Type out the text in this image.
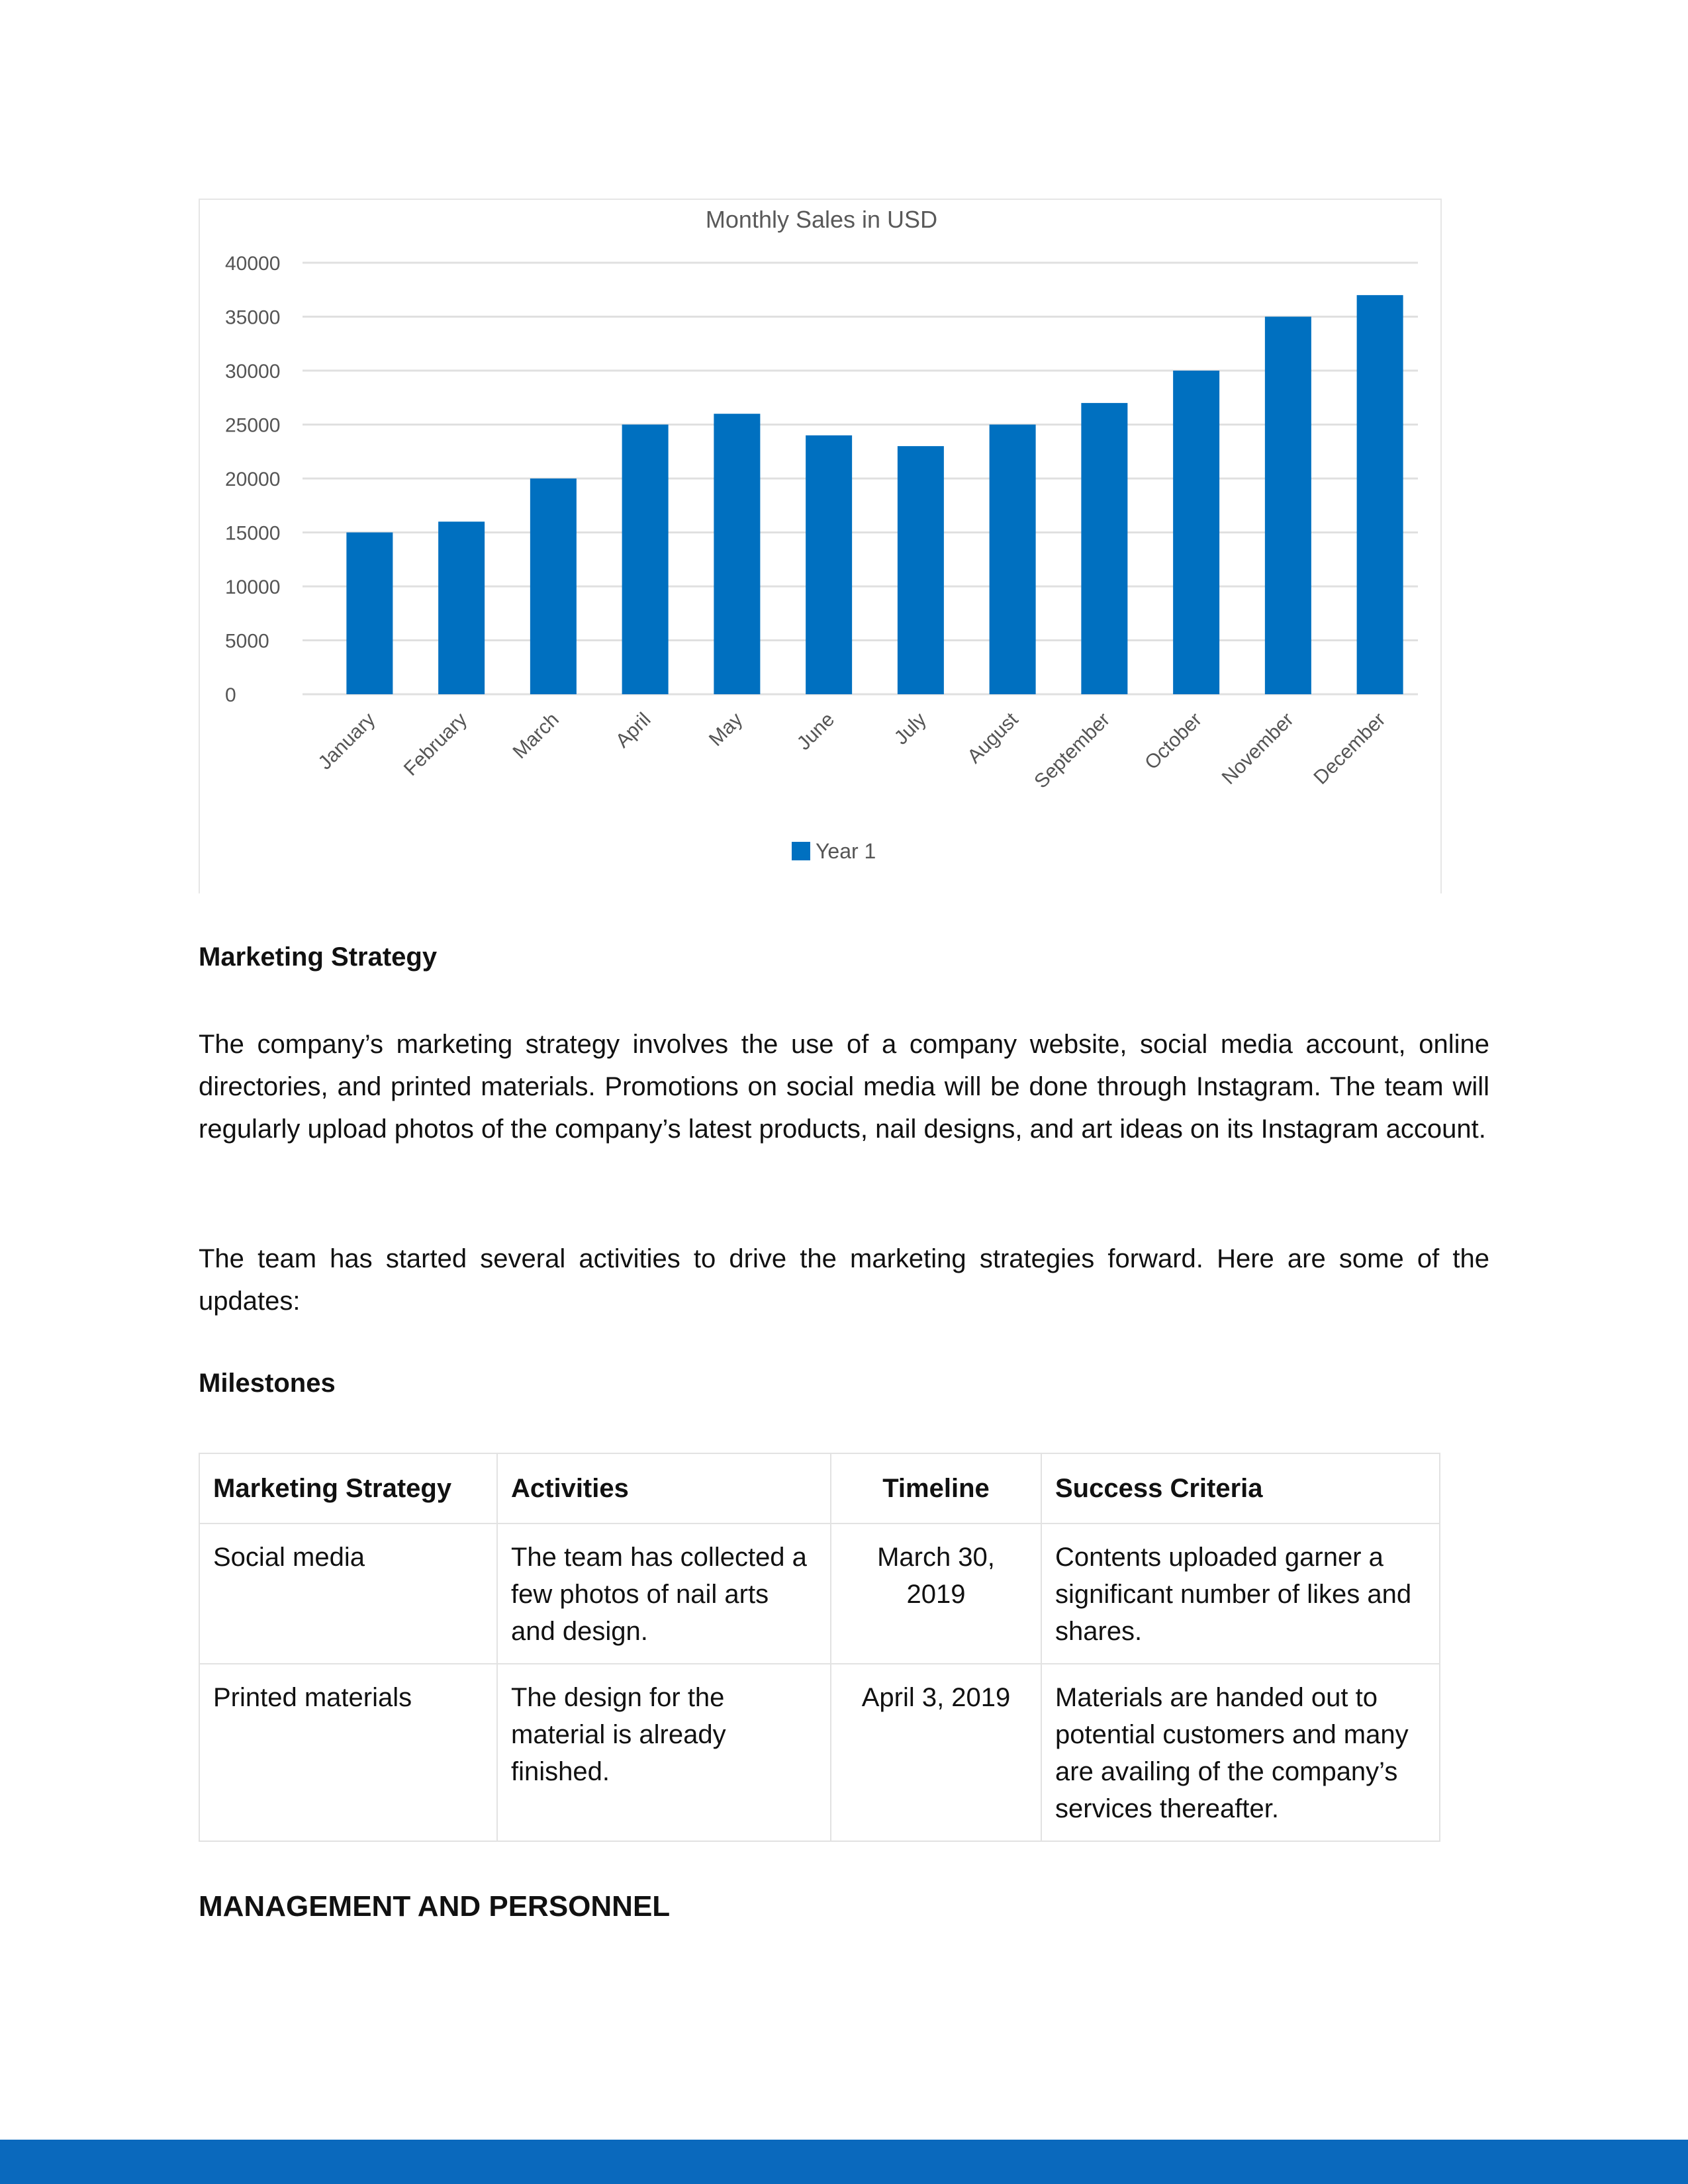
Monthly Sales in USD
0
5000
10000
15000
20000
25000
30000
35000
40000
January February March April	May June	July August September October November December
Year 1
Marketing Strategy

The company’s marketing strategy involves the use of a company website, social media account, online directories, and printed materials. Promotions on social media will be done through Instagram. The team will regularly upload photos of the company’s latest products, nail designs, and art ideas on its Instagram account.

The team has started several activities to drive the marketing strategies forward. Here are some of the updates:

Milestones
Marketing Strategy	Activities	Timeline	Success Criteria
Social media	The team has collected a few photos of nail arts and design.	March 30, 2019	Contents uploaded garner a significant number of likes and shares.
Printed materials	The design for the material is already finished.	April 3, 2019	Materials are handed out to potential customers and many are availing of the company’s services thereafter.
MANAGEMENT AND PERSONNEL
